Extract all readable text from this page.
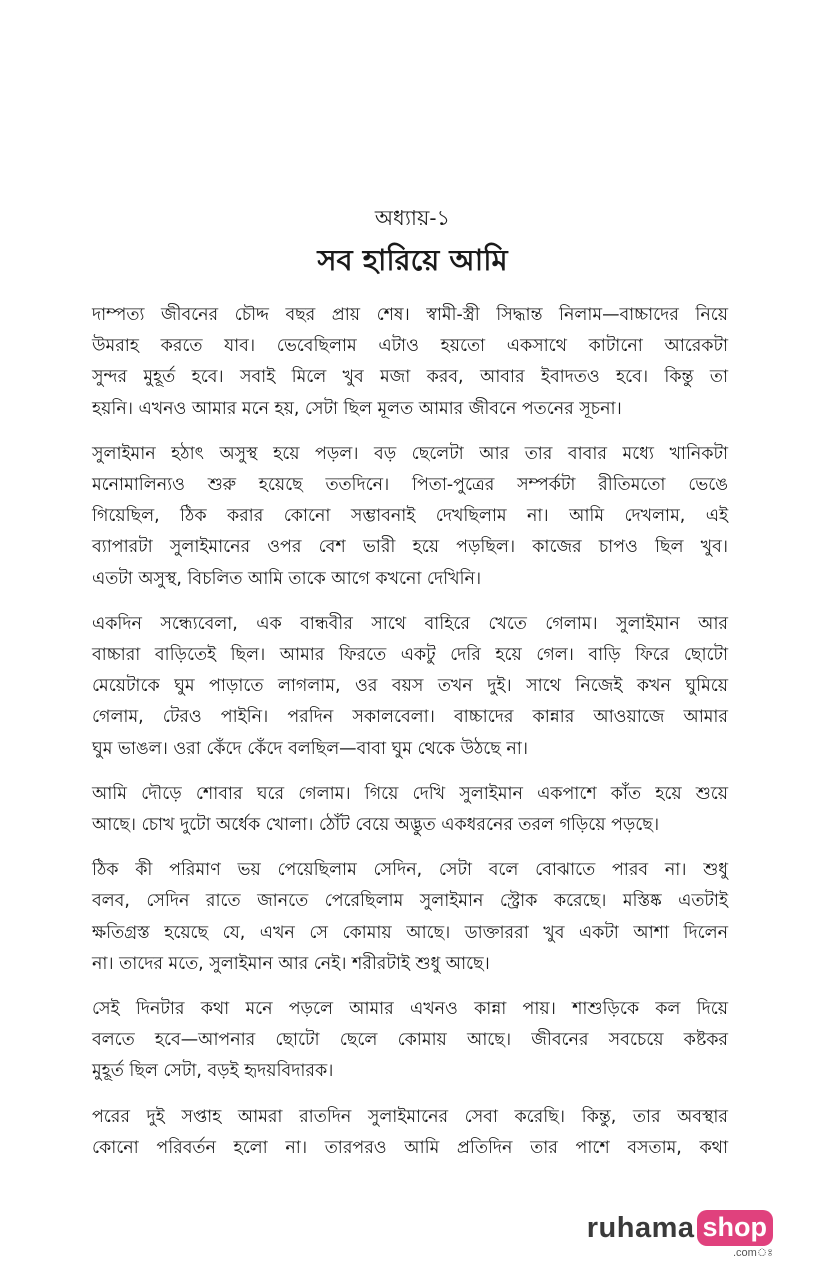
অধ্যায়-১
সব হারিয়ে আমি
দাম্পত্য জীবনের চৌদ্দ বছর প্রায় শেষ। স্বামী-স্ত্রী সিদ্ধান্ত নিলাম—বাচ্চাদের নিয়ে
উমরাহ করতে যাব। ভেবেছিলাম এটাও হয়তো একসাথে কাটানো আরেকটা
সুন্দর মুহূর্ত হবে। সবাই মিলে খুব মজা করব, আবার ইবাদতও হবে। কিন্তু তা
হয়নি। এখনও আমার মনে হয়, সেটা ছিল মূলত আমার জীবনে পতনের সূচনা।
সুলাইমান হঠাৎ অসুস্থ হয়ে পড়ল। বড় ছেলেটা আর তার বাবার মধ্যে খানিকটা
মনোমালিন্যও শুরু হয়েছে ততদিনে। পিতা-পুত্রের সম্পর্কটা রীতিমতো ভেঙে
গিয়েছিল, ঠিক করার কোনো সম্ভাবনাই দেখছিলাম না। আমি দেখলাম, এই
ব্যাপারটা সুলাইমানের ওপর বেশ ভারী হয়ে পড়ছিল। কাজের চাপও ছিল খুব।
এতটা অসুস্থ, বিচলিত আমি তাকে আগে কখনো দেখিনি।
একদিন সন্ধ্যেবেলা, এক বান্ধবীর সাথে বাহিরে খেতে গেলাম। সুলাইমান আর
বাচ্চারা বাড়িতেই ছিল। আমার ফিরতে একটু দেরি হয়ে গেল। বাড়ি ফিরে ছোটো
মেয়েটাকে ঘুম পাড়াতে লাগলাম, ওর বয়স তখন দুই। সাথে নিজেই কখন ঘুমিয়ে
গেলাম, টেরও পাইনি। পরদিন সকালবেলা। বাচ্চাদের কান্নার আওয়াজে আমার
ঘুম ভাঙল। ওরা কেঁদে কেঁদে বলছিল—বাবা ঘুম থেকে উঠছে না।
আমি দৌড়ে শোবার ঘরে গেলাম। গিয়ে দেখি সুলাইমান একপাশে কাঁত হয়ে শুয়ে
আছে। চোখ দুটো অর্ধেক খোলা। ঠোঁট বেয়ে অদ্ভুত একধরনের তরল গড়িয়ে পড়ছে।
ঠিক কী পরিমাণ ভয় পেয়েছিলাম সেদিন, সেটা বলে বোঝাতে পারব না। শুধু
বলব, সেদিন রাতে জানতে পেরেছিলাম সুলাইমান স্ট্রোক করেছে। মস্তিষ্ক এতটাই
ক্ষতিগ্রস্ত হয়েছে যে, এখন সে কোমায় আছে। ডাক্তাররা খুব একটা আশা দিলেন
না। তাদের মতে, সুলাইমান আর নেই। শরীরটাই শুধু আছে।
সেই দিনটার কথা মনে পড়লে আমার এখনও কান্না পায়। শাশুড়িকে কল দিয়ে
বলতে হবে—আপনার ছোটো ছেলে কোমায় আছে। জীবনের সবচেয়ে কষ্টকর
মুহূর্ত ছিল সেটা, বড়ই হৃদয়বিদারক।
পরের দুই সপ্তাহ আমরা রাতদিন সুলাইমানের সেবা করেছি। কিন্তু, তার অবস্থার
কোনো পরিবর্তন হলো না। তারপরও আমি প্রতিদিন তার পাশে বসতাম, কথা
ruhama shop
.comঃ
